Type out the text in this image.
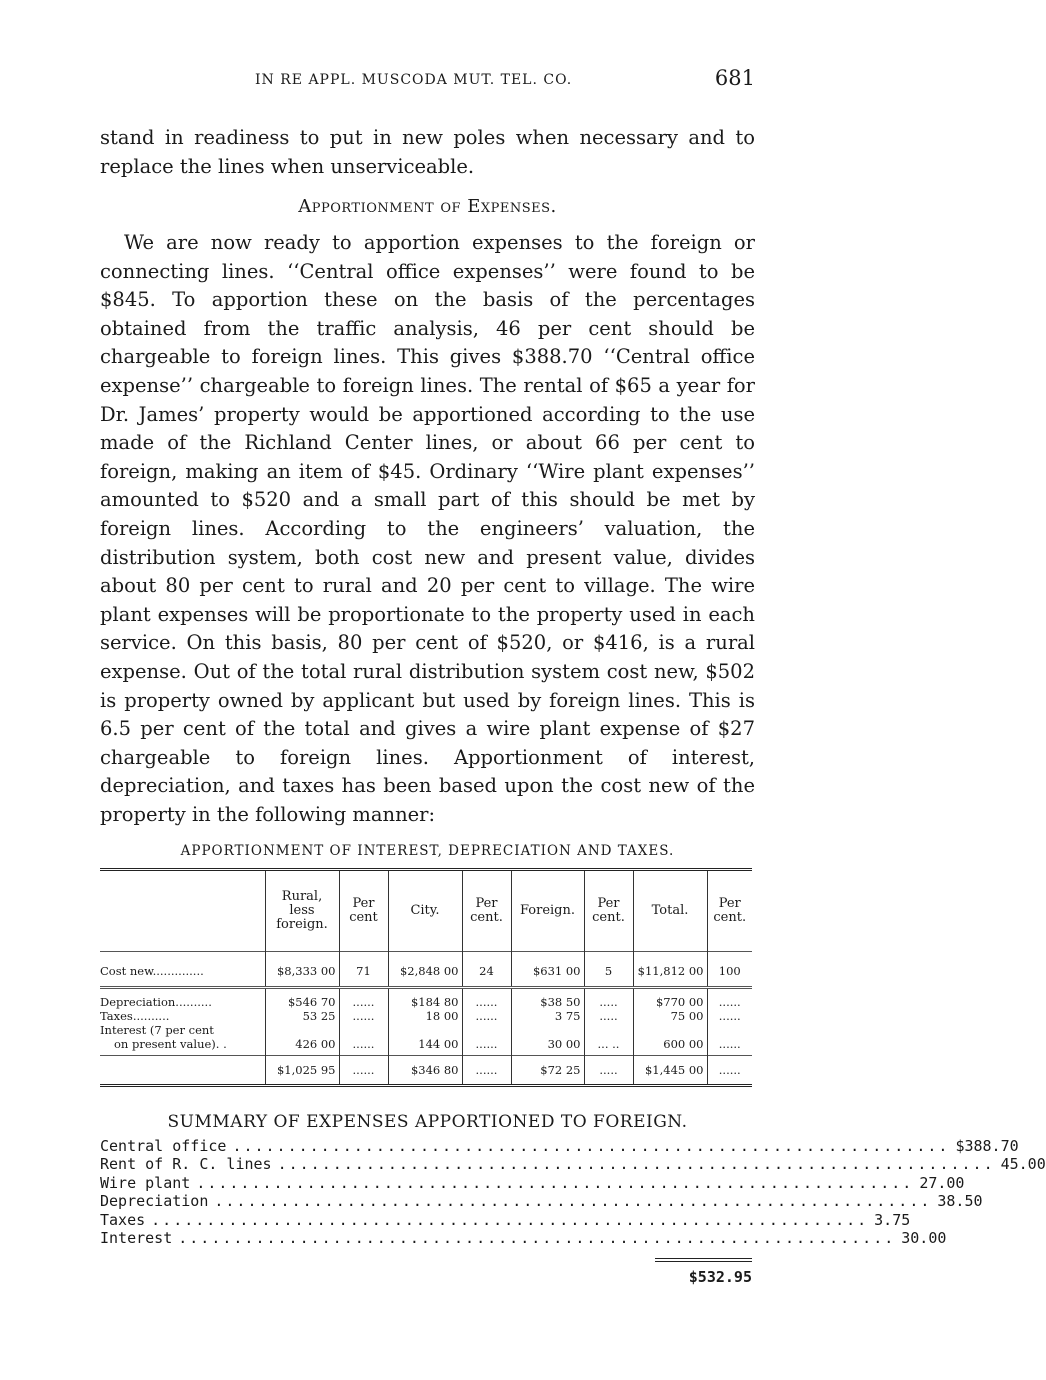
IN RE APPL. MUSCODA MUT. TEL. CO.	681

stand in readiness to put in new poles when necessary and to replace the lines when unserviceable.

Apportionment of Expenses.

We are now ready to apportion expenses to the foreign or connecting lines. ‘‘Central office expenses’’ were found to be $845. To apportion these on the basis of the percentages obtained from the traffic analysis, 46 per cent should be chargeable to foreign lines. This gives $388.70 ‘‘Central office expense’’ chargeable to foreign lines. The rental of $65 a year for Dr. James’ property would be apportioned according to the use made of the Richland Center lines, or about 66 per cent to foreign, making an item of $45. Ordinary ‘‘Wire plant expenses’’ amounted to $520 and a small part of this should be met by foreign lines. According to the engineers’ valuation, the distribution system, both cost new and present value, divides about 80 per cent to rural and 20 per cent to village. The wire plant expenses will be proportionate to the property used in each service. On this basis, 80 per cent of $520, or $416, is a rural expense. Out of the total rural distribution system cost new, $502 is property owned by applicant but used by foreign lines. This is 6.5 per cent of the total and gives a wire plant expense of $27 chargeable to foreign lines. Apportionment of interest, depreciation, and taxes has been based upon the cost new of the property in the following manner:

APPORTIONMENT OF INTEREST, DEPRECIATION AND TAXES.
	Rural, less foreign.	Per cent	City.	Per cent.	Foreign.	Per cent.	Total.	Per cent.
Cost new..............	$8,333 00	71	$2,848 00	24	$631 00	5	$11,812 00	100
Depreciation..........	$546 70	......	$184 80	......	$38 50	.....	$770 00	......
Taxes..........	53 25	......	18 00	......	3 75	.....	75 00	......
Interest (7 per cent
on present value). .	426 00	......	144 00	......	30 00	... ..	600 00	......
	$1,025 95	......	$346 80	......	$72 25	.....	$1,445 00	......
SUMMARY OF EXPENSES APPORTIONED TO FOREIGN.
Central office ................................................................. $388.70
Rent of R. C. lines ................................................................. 45.00
Wire plant ................................................................. 27.00
Depreciation ................................................................. 38.50
Taxes ................................................................. 3.75
Interest ................................................................. 30.00
$532.95
